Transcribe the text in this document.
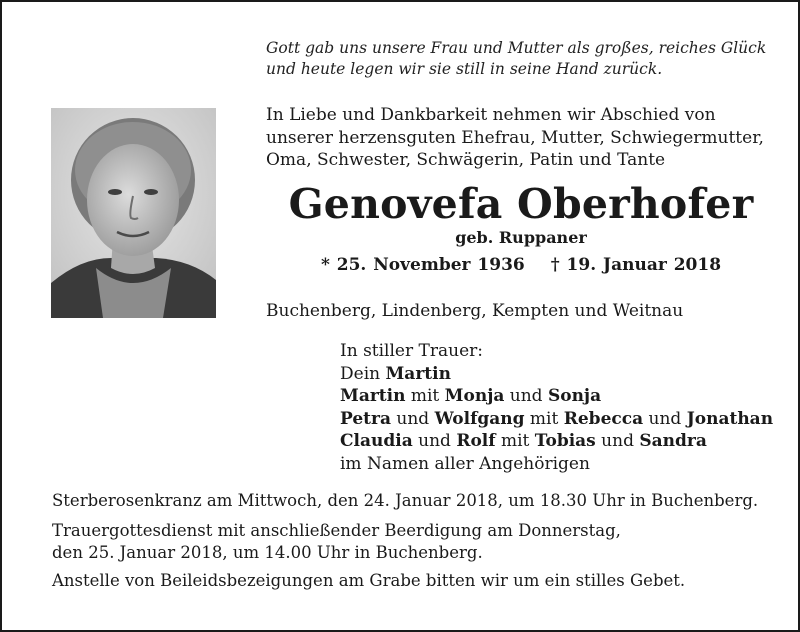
Gott gab uns unsere Frau und Mutter als großes, reiches Glück
und heute legen wir sie still in seine Hand zurück.
In Liebe und Dankbarkeit nehmen wir Abschied von
unserer herzensguten Ehefrau, Mutter, Schwiegermutter,
Oma, Schwester, Schwägerin, Patin und Tante
Genovefa Oberhofer
geb. Ruppaner
* 25. November 1936 † 19. Januar 2018
Buchenberg, Lindenberg, Kempten und Weitnau
In stiller Trauer:
Dein Martin
Martin mit Monja und Sonja
Petra und Wolfgang mit Rebecca und Jonathan
Claudia und Rolf mit Tobias und Sandra
im Namen aller Angehörigen
Sterberosenkranz am Mittwoch, den 24. Januar 2018, um 18.30 Uhr in Buchenberg.
Trauergottesdienst mit anschließender Beerdigung am Donnerstag,
den 25. Januar 2018, um 14.00 Uhr in Buchenberg.
Anstelle von Beileidsbezeigungen am Grabe bitten wir um ein stilles Gebet.
